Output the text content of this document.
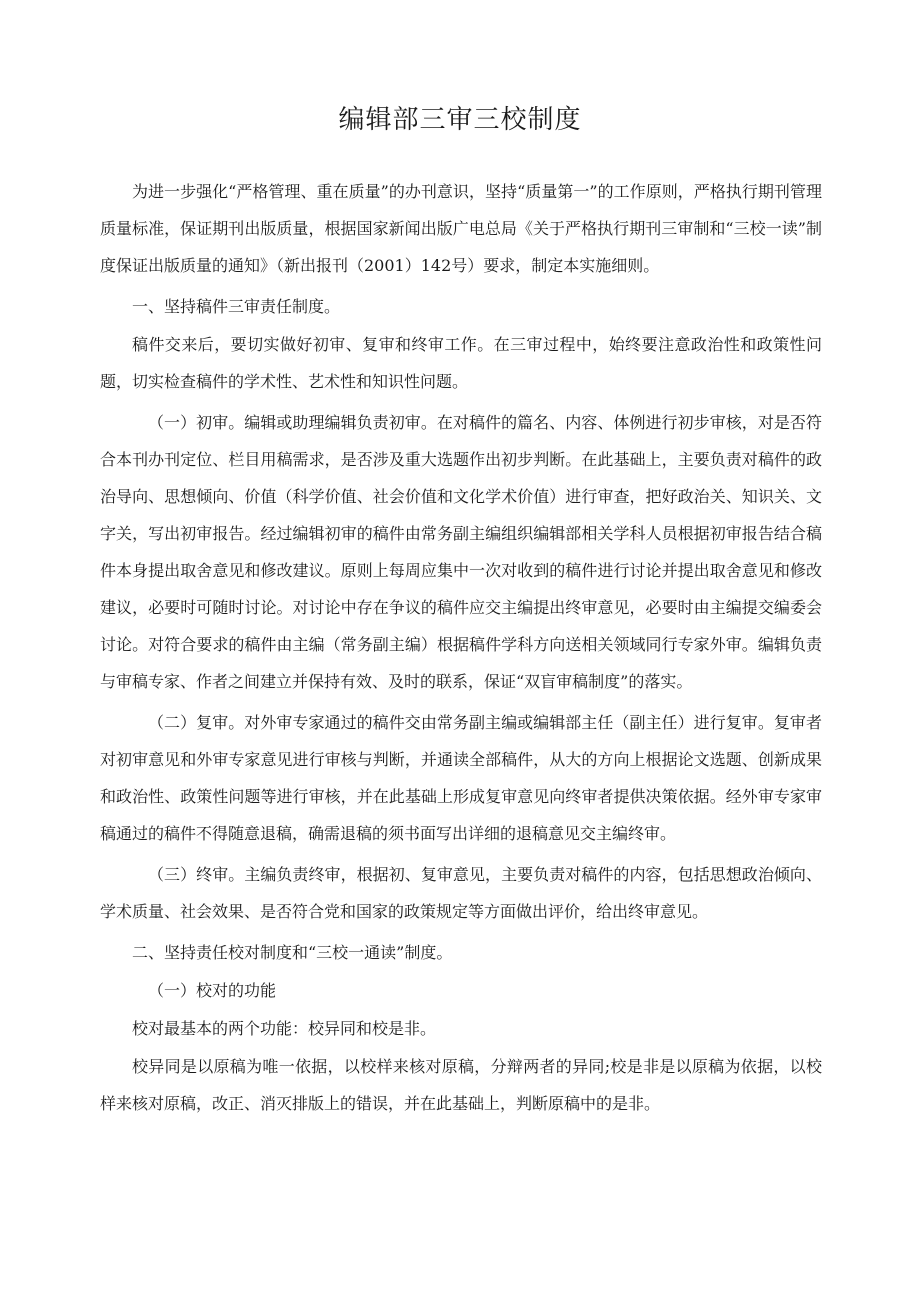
编辑部三审三校制度

为进一步强化“严格管理、重在质量”的办刊意识，坚持“质量第一”的工作原则，严格执行期刊管理质量标准，保证期刊出版质量，根据国家新闻出版广电总局《关于严格执行期刊三审制和“三校一读”制度保证出版质量的通知》（新出报刊（2001）142号）要求，制定本实施细则。

一、坚持稿件三审责任制度。

稿件交来后，要切实做好初审、复审和终审工作。在三审过程中，始终要注意政治性和政策性问题，切实检查稿件的学术性、艺术性和知识性问题。

（一）初审。编辑或助理编辑负责初审。在对稿件的篇名、内容、体例进行初步审核，对是否符合本刊办刊定位、栏目用稿需求，是否涉及重大选题作出初步判断。在此基础上，主要负责对稿件的政治导向、思想倾向、价值（科学价值、社会价值和文化学术价值）进行审查，把好政治关、知识关、文字关，写出初审报告。经过编辑初审的稿件由常务副主编组织编辑部相关学科人员根据初审报告结合稿件本身提出取舍意见和修改建议。原则上每周应集中一次对收到的稿件进行讨论并提出取舍意见和修改建议，必要时可随时讨论。对讨论中存在争议的稿件应交主编提出终审意见，必要时由主编提交编委会讨论。对符合要求的稿件由主编（常务副主编）根据稿件学科方向送相关领域同行专家外审。编辑负责与审稿专家、作者之间建立并保持有效、及时的联系，保证“双盲审稿制度”的落实。

（二）复审。对外审专家通过的稿件交由常务副主编或编辑部主任（副主任）进行复审。复审者对初审意见和外审专家意见进行审核与判断，并通读全部稿件，从大的方向上根据论文选题、创新成果和政治性、政策性问题等进行审核，并在此基础上形成复审意见向终审者提供决策依据。经外审专家审稿通过的稿件不得随意退稿，确需退稿的须书面写出详细的退稿意见交主编终审。

（三）终审。主编负责终审，根据初、复审意见，主要负责对稿件的内容，包括思想政治倾向、学术质量、社会效果、是否符合党和国家的政策规定等方面做出评价，给出终审意见。

二、坚持责任校对制度和“三校一通读”制度。

（一）校对的功能

校对最基本的两个功能：校异同和校是非。

校异同是以原稿为唯一依据，以校样来核对原稿，分辩两者的异同;校是非是以原稿为依据，以校样来核对原稿，改正、消灭排版上的错误，并在此基础上，判断原稿中的是非。
